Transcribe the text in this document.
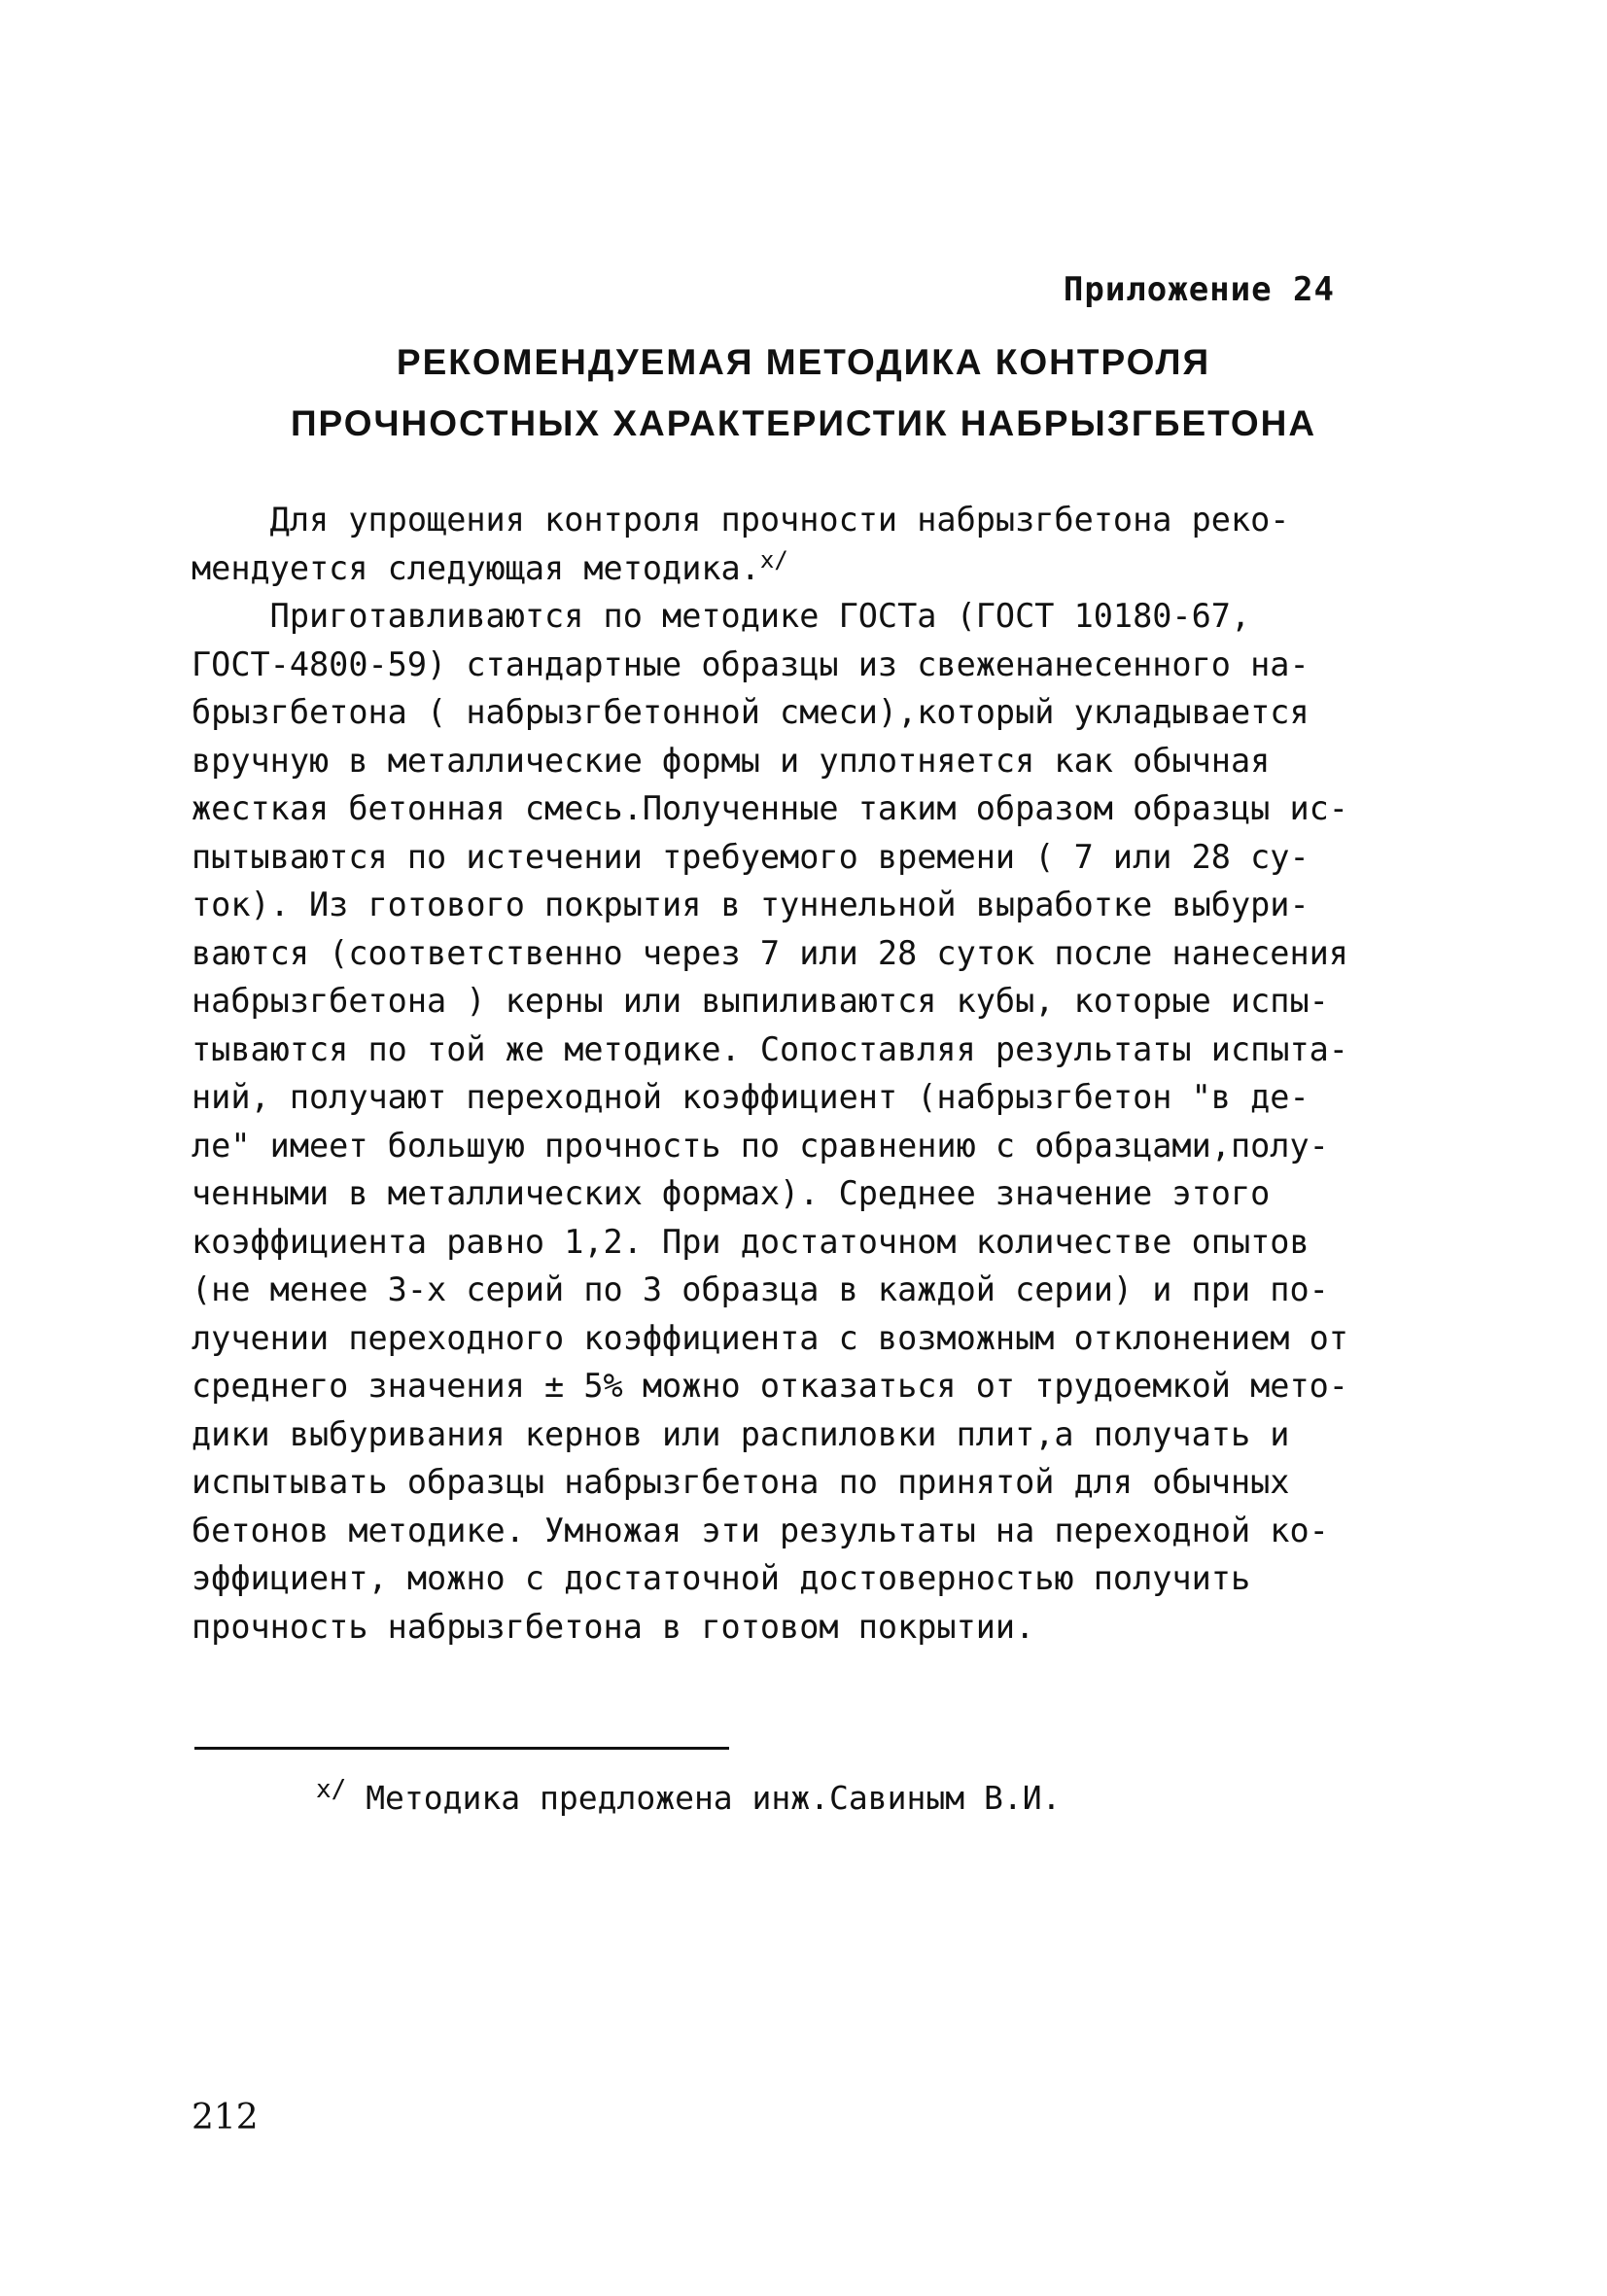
Приложение 24
РЕКОМЕНДУЕМАЯ МЕТОДИКА КОНТРОЛЯ
ПРОЧНОСТНЫХ ХАРАКТЕРИСТИК НАБРЫЗГБЕТОНА
Для упрощения контроля прочности набрызгбетона реко-
мендуется следующая методика.$^{x/}$
Приготавливаются по методике ГОСТа (ГОСТ 10180-67,
ГОСТ-4800-59) стандартные образцы из свеженанесенного на-
брызгбетона ( набрызгбетонной смеси),который укладывается
вручную в металлические формы и уплотняется как обычная
жесткая бетонная смесь.Полученные таким образом образцы ис-
пытываются по истечении требуемого времени ( 7 или 28 су-
ток). Из готового покрытия в туннельной выработке выбури-
ваются (соответственно через 7 или 28 суток после нанесения
набрызгбетона ) керны или выпиливаются кубы, которые испы-
тываются по той же методике. Сопоставляя результаты испыта-
ний, получают переходной коэффициент (набрызгбетон "в де-
ле" имеет большую прочность по сравнению с образцами,полу-
ченными в металлических формах). Среднее значение этого
коэффициента равно 1,2. При достаточном количестве опытов
(не менее 3-х серий по 3 образца в каждой серии) и при по-
лучении переходного коэффициента с возможным отклонением от
среднего значения ± 5% можно отказаться от трудоемкой мето-
дики выбуривания кернов или распиловки плит,а получать и
испытывать образцы набрызгбетона по принятой для обычных
бетонов методике. Умножая эти результаты на переходной ко-
эффициент, можно с достаточной достоверностью получить
прочность набрызгбетона в готовом покрытии.
$^{x/}$ Методика предложена инж.Савиным В.И.
212
